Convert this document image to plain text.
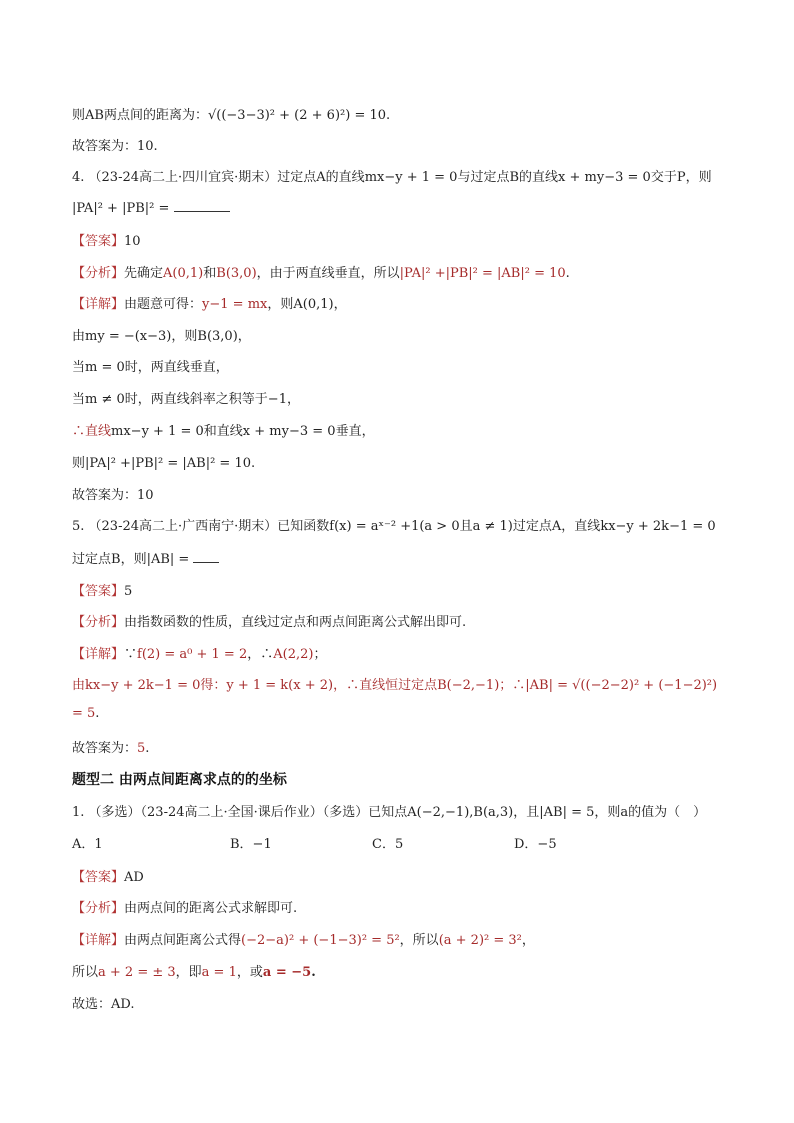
则AB两点间的距离为：√((−3−3)² + (2 + 6)²) = 10.
故答案为：10.
4. （23-24高二上·四川宜宾·期末）过定点A的直线mx−y + 1 = 0与过定点B的直线x + my−3 = 0交于P，则
|PA|² + |PB|² =
【答案】10
【分析】先确定A(0,1)和B(3,0)，由于两直线垂直，所以|PA|² +|PB|² = |AB|² = 10.
【详解】由题意可得：y−1 = mx，则A(0,1)，
由my = −(x−3)，则B(3,0)，
当m = 0时，两直线垂直，
当m ≠ 0时，两直线斜率之积等于−1，
∴直线mx−y + 1 = 0和直线x + my−3 = 0垂直，
则|PA|² +|PB|² = |AB|² = 10.
故答案为：10
5. （23-24高二上·广西南宁·期末）已知函数f(x) = aˣ⁻² +1(a > 0且a ≠ 1)过定点A，直线kx−y + 2k−1 = 0
过定点B，则|AB| =
【答案】5
【分析】由指数函数的性质，直线过定点和两点间距离公式解出即可.
【详解】∵f(2) = a⁰ + 1 = 2，∴A(2,2)；
由kx−y + 2k−1 = 0得：y + 1 = k(x + 2)，∴直线恒过定点B(−2,−1)；∴|AB| = √((−2−2)² + (−1−2)²)
= 5.
故答案为：5.
题型二 由两点间距离求点的的坐标
1. （多选）（23-24高二上·全国·课后作业）（多选）已知点A(−2,−1),B(a,3)，且|AB| = 5，则a的值为（　）
【答案】AD
【分析】由两点间的距离公式求解即可.
【详解】由两点间距离公式得(−2−a)² + (−1−3)² = 5²，所以(a + 2)² = 3²，
所以a + 2 = ± 3，即a = 1，或a = −5.
故选：AD.
A．1	B．−1	C．5	D．−5
